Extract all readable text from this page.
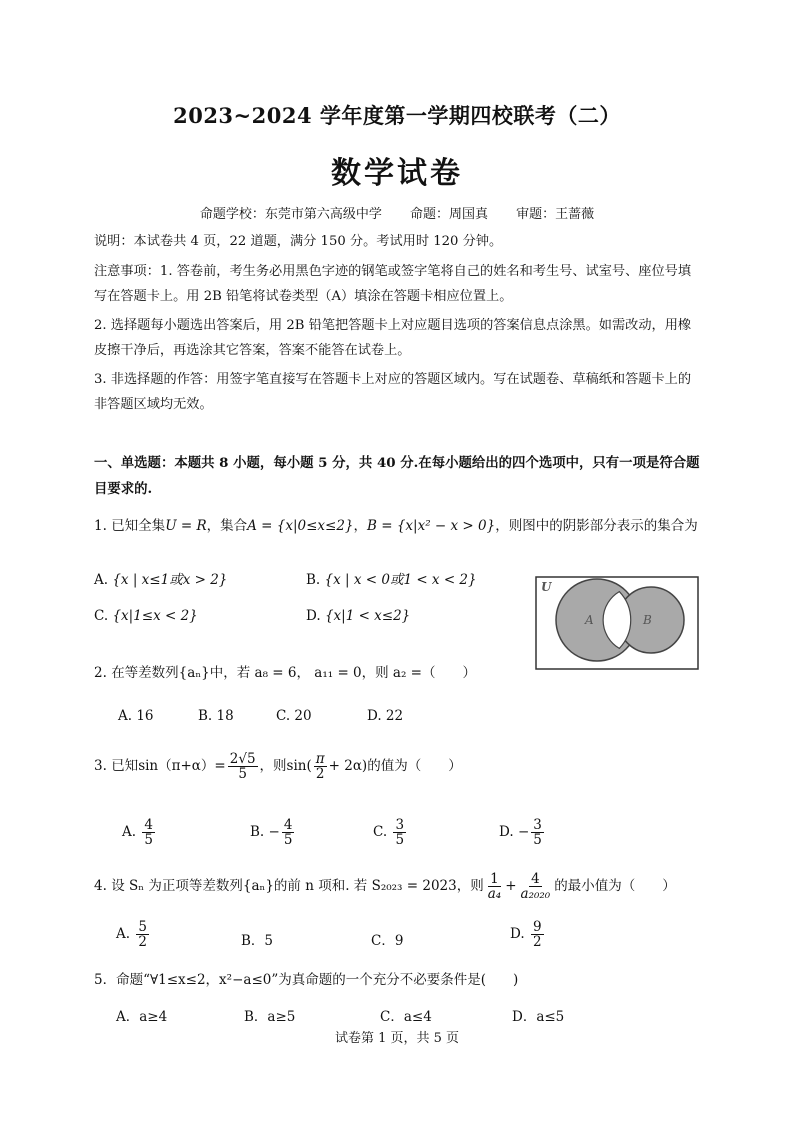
2023~2024 学年度第一学期四校联考（二）
数学试卷
命题学校：东莞市第六高级中学 命题：周国真 审题：王蔷薇
说明：本试卷共 4 页，22 道题，满分 150 分。考试用时 120 分钟。
注意事项：1. 答卷前，考生务必用黑色字迹的钢笔或签字笔将自己的姓名和考生号、试室号、座位号填写在答题卡上。用 2B 铅笔将试卷类型（A）填涂在答题卡相应位置上。
2. 选择题每小题选出答案后，用 2B 铅笔把答题卡上对应题目选项的答案信息点涂黑。如需改动，用橡皮擦干净后，再选涂其它答案，答案不能答在试卷上。
3. 非选择题的作答：用签字笔直接写在答题卡上对应的答题区域内。写在试题卷、草稿纸和答题卡上的非答题区域均无效。
一、单选题：本题共 8 小题，每小题 5 分，共 40 分.在每小题给出的四个选项中，只有一项是符合题目要求的.
1. 已知全集U = R，集合A = {x|0≤x≤2}，B = {x|x² − x > 0}，则图中的阴影部分表示的集合为
A. {x | x≤1或x > 2}	B. {x | x < 0或1 < x < 2}
C. {x|1≤x < 2}	D. {x|1 < x≤2}
U
A	B
2. 在等差数列{aₙ}中，若 a₈ = 6， a₁₁ = 0，则 a₂ =（　　）
A. 16	B. 18	C. 20	D. 22
3. 已知$\sin(\pi+\alpha)= \frac{2√5}{5}$ ，则$\sin( \frac{\pi}{2} + 2\alpha)$的值为（　　）
A. $\frac{4}{5}$	B. − $\frac{4}{5}$	C. $\frac{3}{5}$	D. − $\frac{3}{5}$
4. 设 Sₙ 为正项等差数列{aₙ}的前 n 项和. 若 S₂₀₂₃ = 2023，则 $\frac{1}{\text{a₄}} + \frac{4}{\text{a₂₀₂₀}}$ 的最小值为（　　）
A. $\frac{5}{2}$	B．5	C．9	D. $\frac{9}{2}$
5．命题“∀1≤x≤2，x²−a≤0”为真命题的一个充分不必要条件是(　　)
A．a≥4	B．a≥5	C．a≤4	D．a≤5
试卷第 1 页，共 5 页
